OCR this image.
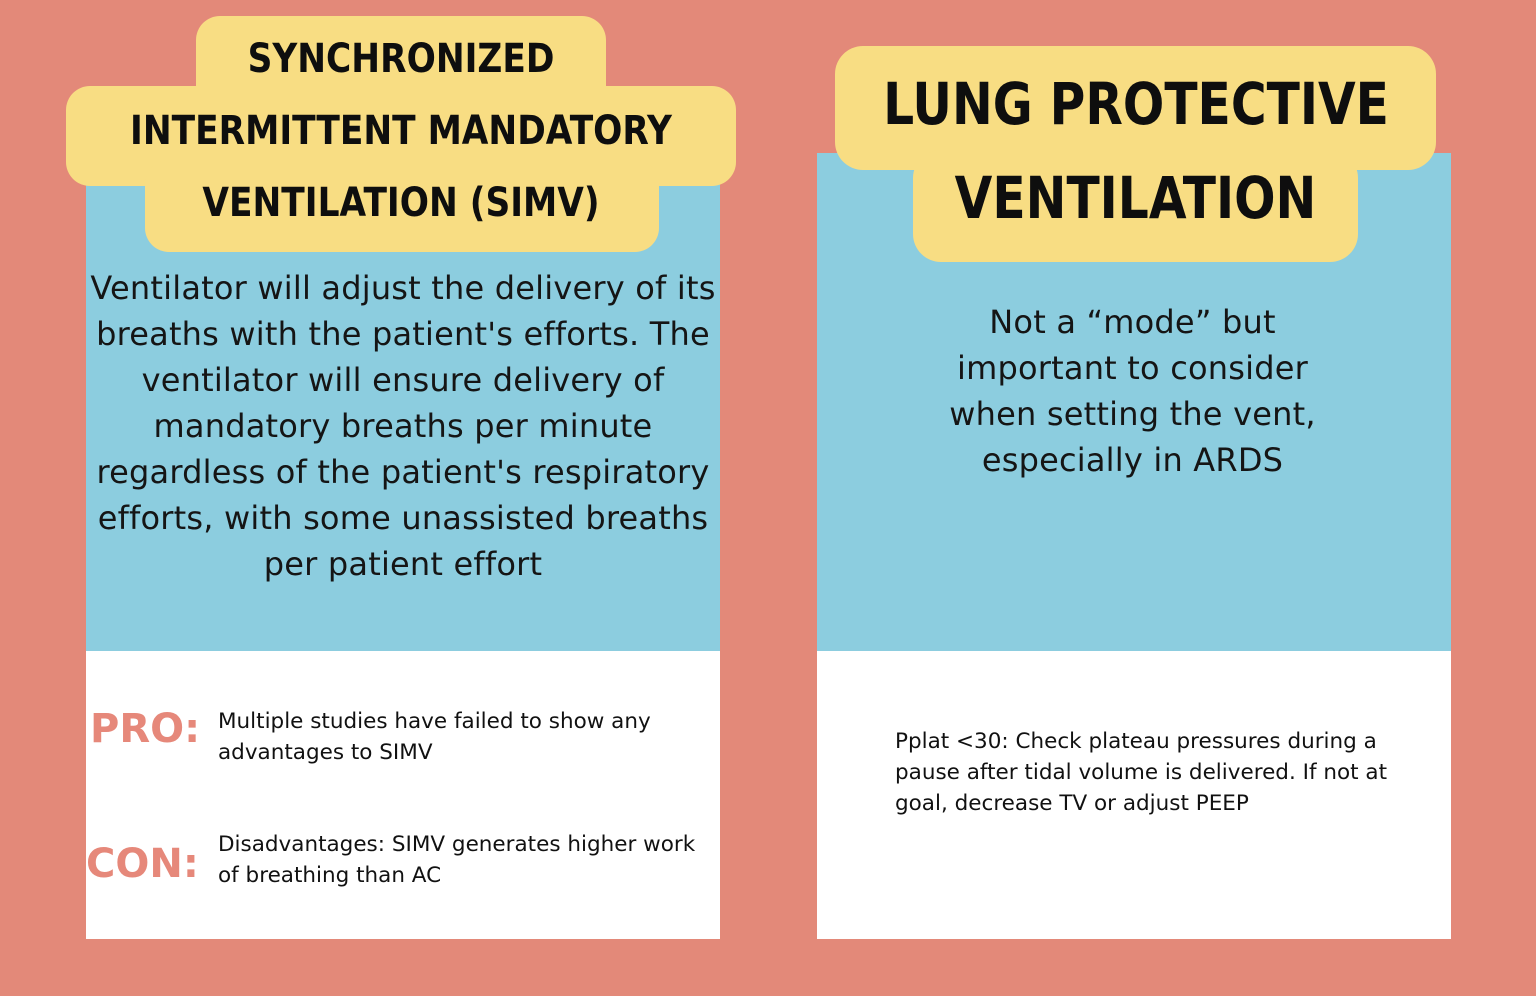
SYNCHRONIZED
INTERMITTENT MANDATORY
VENTILATION (SIMV)

Ventilator will adjust the delivery of its breaths with the patient's efforts. The ventilator will ensure delivery of mandatory breaths per minute regardless of the patient's respiratory efforts, with some unassisted breaths per patient effort

PRO: Multiple studies have failed to show any advantages to SIMV

CON: Disadvantages: SIMV generates higher work of breathing than AC

LUNG PROTECTIVE
VENTILATION

Not a “mode” but important to consider when setting the vent, especially in ARDS

Pplat <30: Check plateau pressures during a pause after tidal volume is delivered. If not at goal, decrease TV or adjust PEEP
